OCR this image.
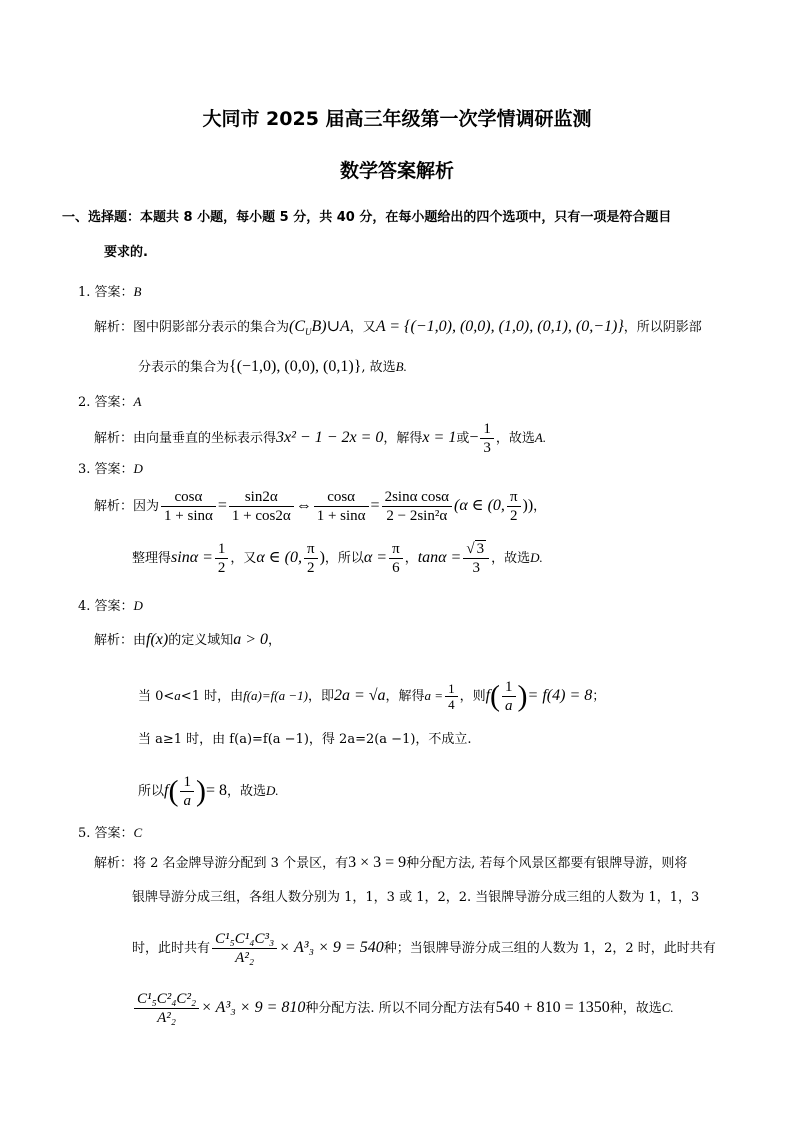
大同市 2025 届高三年级第一次学情调研监测
数学答案解析
一、选择题：本题共 8 小题，每小题 5 分，共 40 分，在每小题给出的四个选项中，只有一项是符合题目
要求的.
1. 答案：B
解析：图中阴影部分表示的集合为$(C_UB)\cup A$，又A = {(−1,0), (0,0), (1,0), (0,1), (0,−1)}，所以阴影部
分表示的集合为{(−1,0), (0,0), (0,1)}, 故选B.
2. 答案：A
解析：由向量垂直的坐标表示得3x² − 1 − 2x = 0，解得x = 1或− $\frac{1}{3}$ ，故选A.
3. 答案：D
解析：因为 $\frac{\cos\alpha}{1 + \sin\alpha} = \frac{\sin 2\alpha}{1 + \cos 2\alpha}$ ⇔ $\frac{\cos\alpha}{1 + \sin\alpha} = \frac{\text{2sinα cosα}}{\text{2 − 2sin²α}} (\alpha$ ∈ (0, $\frac{\pi}{2}$ ))，
整理得$\sin\alpha = \frac{1}{2}$ ，又α ∈ (0, $\frac{\pi}{2}$ )，所以$\alpha = \frac{\pi}{6}$ ，$\tan\alpha = \frac{√ 3}{3}$ ，故选D.
4. 答案：D
解析：由f(x)的定义域知a > 0，
当 0<a<1 时，由f(a)=f(a −1)，即2a = √a，解得$a = \frac{1}{4}$ ，则$f( \frac{1}{a}$ )= f(4) = 8；
当 a≥1 时，由 f(a)=f(a −1)，得 2a=2(a −1)，不成立.
所以$f( \frac{1}{a}$ )= 8，故选D.
5. 答案：C
解析：将 2 名金牌导游分配到 3 个景区，有3 × 3 = 9种分配方法, 若每个风景区都要有银牌导游，则将
银牌导游分成三组，各组人数分别为 1，1，3 或 1，2，2. 当银牌导游分成三组的人数为 1，1，3
时，此时共有 $\frac{\text{C¹₅C¹₄C³₃}}{\text{A²₂}} \times A^3_3 \times 9 = 540$种；当银牌导游分成三组的人数为 1，2，2 时，此时共有
$\frac{\text{C¹₅C²₄C²₂}}{\text{A²₂}} \times A^3_3 \times 9 = 810$种分配方法. 所以不同分配方法有540 + 810 = 1350种，故选C.
